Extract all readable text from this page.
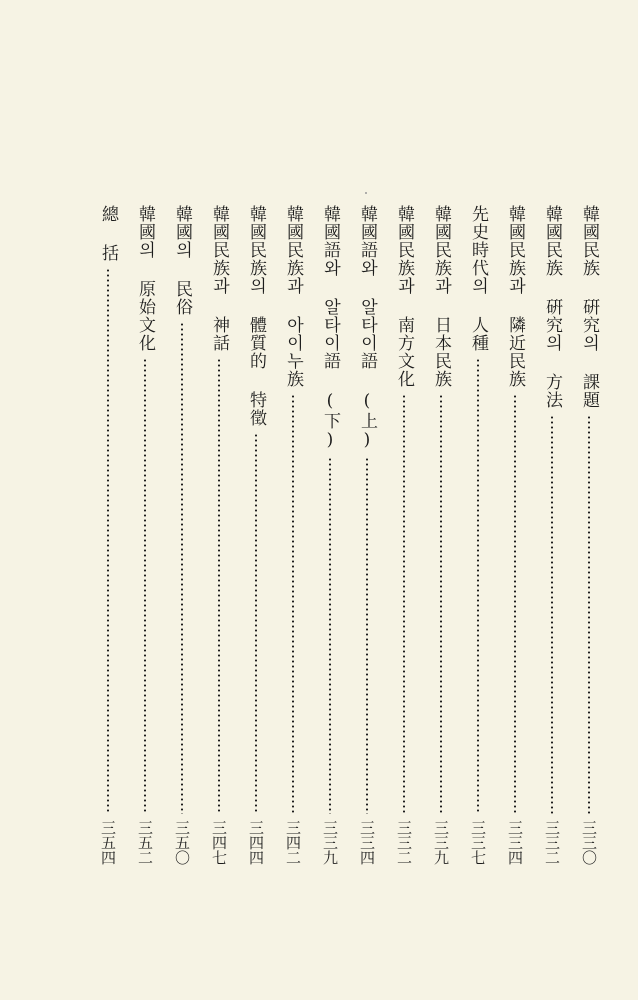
韓國民族 硏究의 課題
三三〇
韓國民族 硏究의 方法
三三二
韓國民族과 隣近民族
三三四
先史時代의 人種
三三七
韓國民族과 日本民族
三三九
韓國民族과 南方文化
三三二
韓國語와 알타이語 (上)
三三四
韓國語와 알타이語 (下)
三三九
韓國民族과 아이누族
三四二
韓國民族의 體質的 特徵
三四四
韓國民族과 神話
三四七
韓國의 民俗
三五〇
韓國의 原始文化
三五二
總 括
三五四
